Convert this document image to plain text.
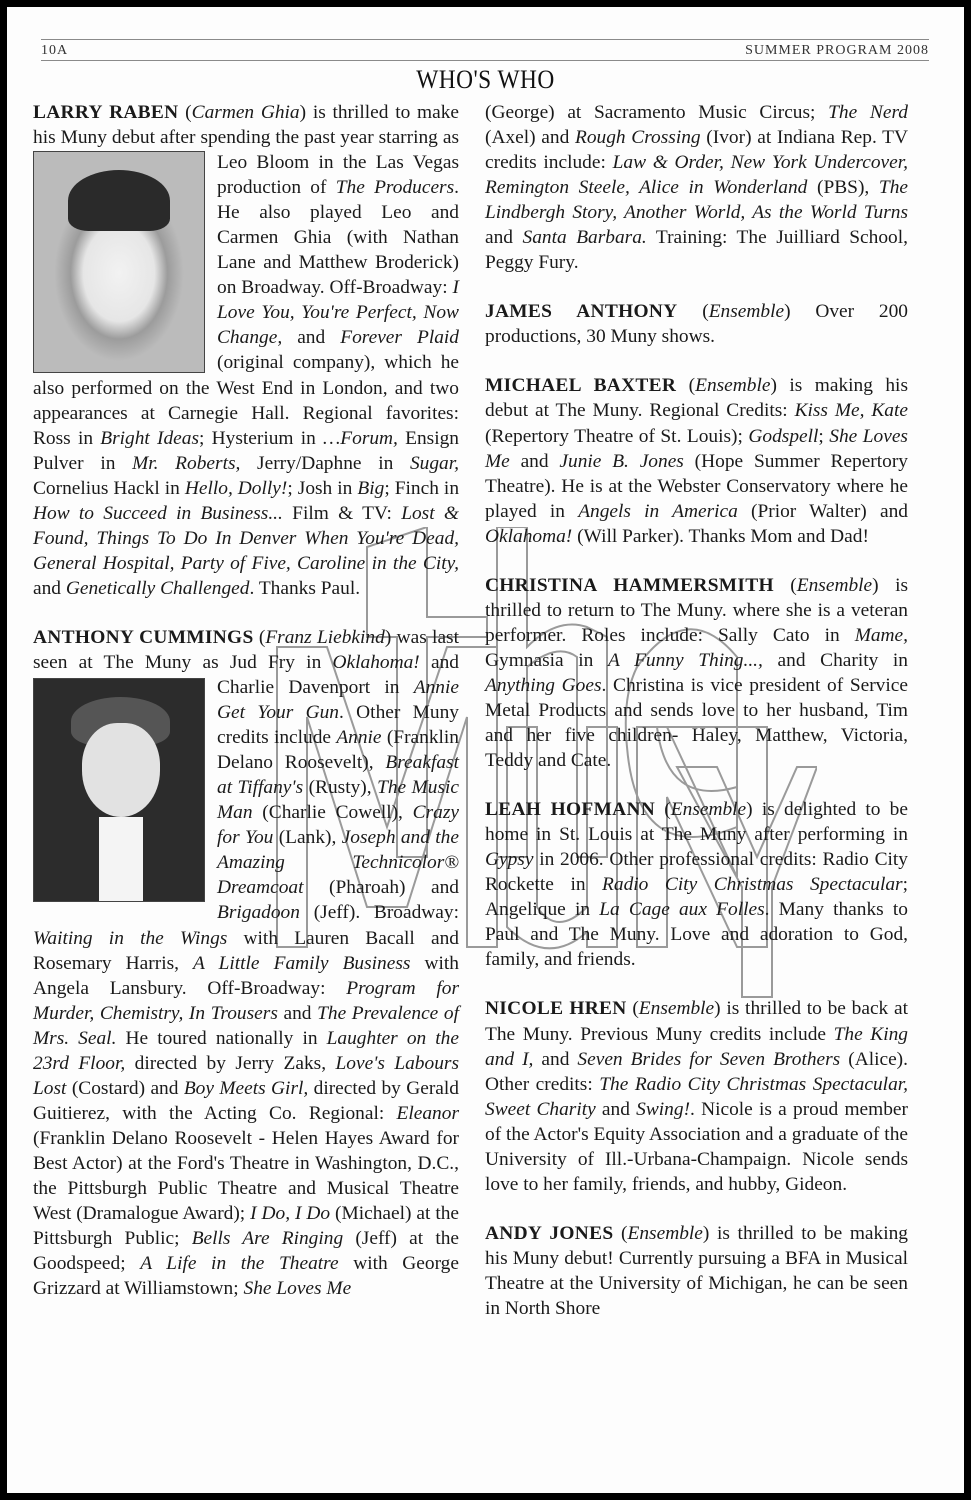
10A	SUMMER PROGRAM 2008
WHO'S WHO

LARRY RABEN (Carmen Ghia) is thrilled to make his Muny debut after spending the past
year starring as Leo Bloom in the Las Vegas production of The Producers. He also played Leo and Carmen Ghia (with Nathan Lane and Matthew Broderick) on Broadway. Off-Broadway: I Love You, You're Perfect, Now Change, and Forever Plaid (original company), which he also performed on the West End in London, and two appearances at Carnegie Hall. Regional favorites: Ross in Bright Ideas; Hysterium in …Forum, Ensign Pulver in Mr. Roberts, Jerry/Daphne in Sugar, Cornelius Hackl in Hello, Dolly!; Josh in Big; Finch in How to Succeed in Business... Film & TV: Lost & Found, Things To Do In Denver When You're Dead, General Hospital, Party of Five, Caroline in the City, and Genetically Challenged. Thanks Paul.

ANTHONY CUMMINGS (Franz Liebkind) was last seen at The Muny as Jud Fry in Oklahoma! and Charlie Davenport in Annie Get Your Gun. Other Muny credits include Annie (Franklin Delano Roosevelt), Breakfast at Tiffany's (Rusty), The Music Man (Charlie Cowell), Crazy for You (Lank), Joseph and the Amazing Technicolor® Dreamcoat (Pharoah) and Brigadoon (Jeff). Broadway: Waiting in the Wings with Lauren Bacall and Rosemary Harris, A Little Family Business with Angela Lansbury. Off-Broadway: Program for Murder, Chemistry, In Trousers and The Prevalence of Mrs. Seal. He toured nationally in Laughter on the 23rd Floor, directed by Jerry Zaks, Love's Labours Lost (Costard) and Boy Meets Girl, directed by Gerald Guitierez, with the Acting Co. Regional: Eleanor (Franklin Delano Roosevelt - Helen Hayes Award for Best Actor) at the Ford's Theatre in Washington, D.C., the Pittsburgh Public Theatre and Musical Theatre West (Dramalogue Award); I Do, I Do (Michael) at the Pittsburgh Public; Bells Are Ringing (Jeff) at the Goodspeed; A Life in the Theatre with George Grizzard at Williamstown; She Loves Me

(George) at Sacramento Music Circus; The Nerd (Axel) and Rough Crossing (Ivor) at Indiana Rep. TV credits include: Law & Order, New York Undercover, Remington Steele, Alice in Wonderland (PBS), The Lindbergh Story, Another World, As the World Turns and Santa Barbara. Training: The Juilliard School, Peggy Fury.

JAMES ANTHONY (Ensemble) Over 200 productions, 30 Muny shows.

MICHAEL BAXTER (Ensemble) is making his debut at The Muny. Regional Credits: Kiss Me, Kate (Repertory Theatre of St. Louis); Godspell; She Loves Me and Junie B. Jones (Hope Summer Repertory Theatre). He is at the Webster Conservatory where he played in Angels in America (Prior Walter) and Oklahoma! (Will Parker). Thanks Mom and Dad!

CHRISTINA HAMMERSMITH (Ensemble) is thrilled to return to The Muny. where she is a veteran performer. Roles include: Sally Cato in Mame, Gymnasia in A Funny Thing..., and Charity in Anything Goes. Christina is vice president of Service Metal Products and sends love to her husband, Tim and her five children- Haley, Matthew, Victoria, Teddy and Cate.

LEAH HOFMANN (Ensemble) is delighted to be home in St. Louis at The Muny after performing in Gypsy in 2006. Other professional credits: Radio City Rockette in Radio City Christmas Spectacular; Angelique in La Cage aux Folles. Many thanks to Paul and The Muny. Love and adoration to God, family, and friends.

NICOLE HREN (Ensemble) is thrilled to be back at The Muny. Previous Muny credits include The King and I, and Seven Brides for Seven Brothers (Alice). Other credits: The Radio City Christmas Spectacular, Sweet Charity and Swing!. Nicole is a proud member of the Actor's Equity Association and a graduate of the University of Ill.-Urbana-Champaign. Nicole sends love to her family, friends, and hubby, Gideon.

ANDY JONES (Ensemble) is thrilled to be making his Muny debut! Currently pursuing a BFA in Musical Theatre at the University of Michigan, he can be seen in North Shore
